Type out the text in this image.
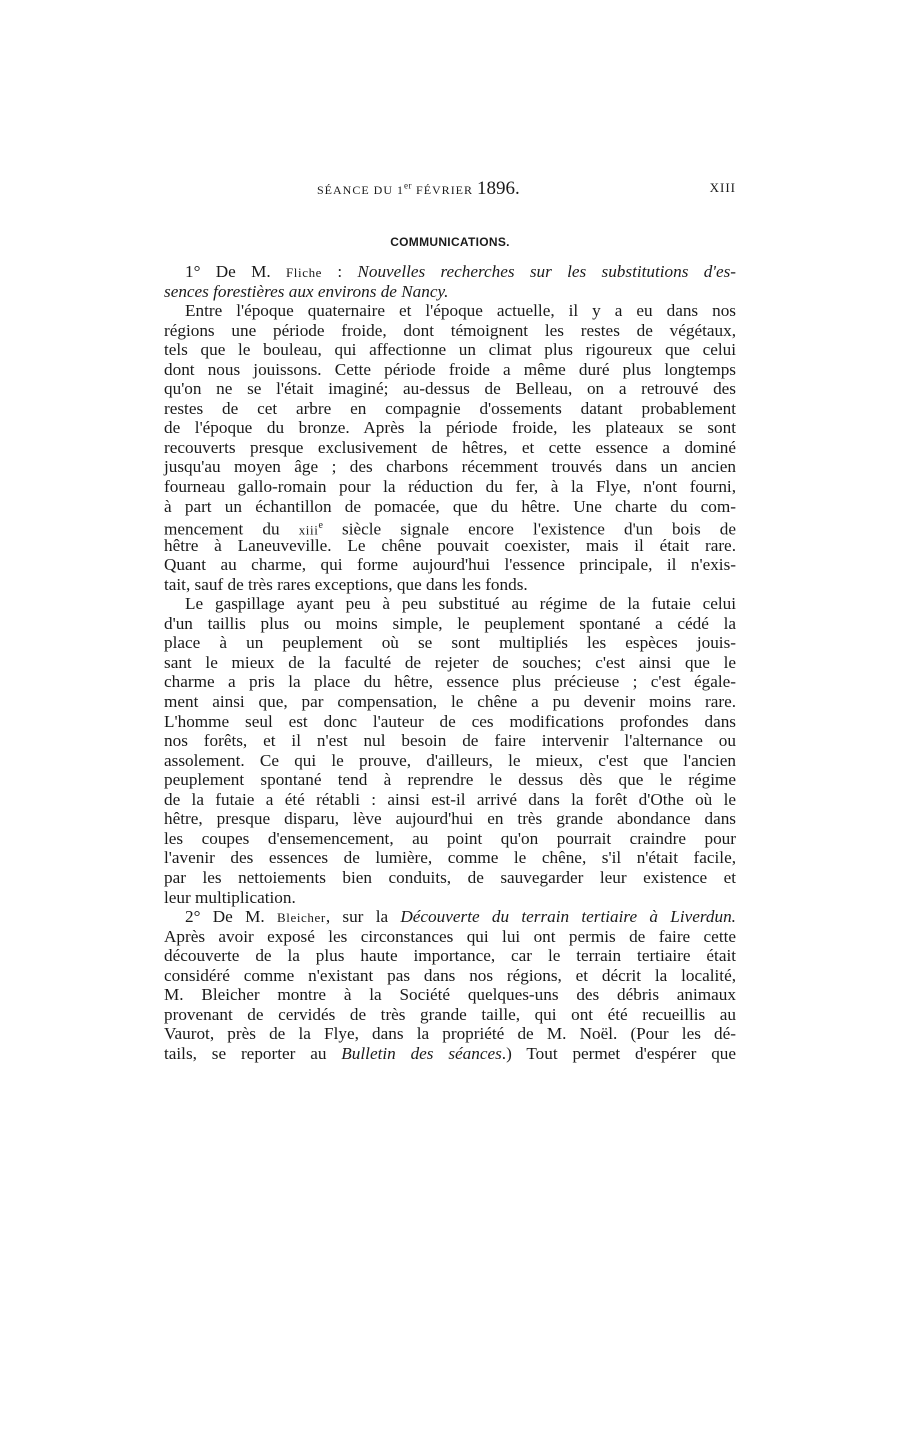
SÉANCE DU 1er FÉVRIER 1896.	XIII
COMMUNICATIONS.
1° De M. Fliche : Nouvelles recherches sur les substitutions d'es-
sences forestières aux environs de Nancy.
Entre l'époque quaternaire et l'époque actuelle, il y a eu dans nos
régions une période froide, dont témoignent les restes de végétaux,
tels que le bouleau, qui affectionne un climat plus rigoureux que celui
dont nous jouissons. Cette période froide a même duré plus longtemps
qu'on ne se l'était imaginé; au-dessus de Belleau, on a retrouvé des
restes de cet arbre en compagnie d'ossements datant probablement
de l'époque du bronze. Après la période froide, les plateaux se sont
recouverts presque exclusivement de hêtres, et cette essence a dominé
jusqu'au moyen âge ; des charbons récemment trouvés dans un ancien
fourneau gallo-romain pour la réduction du fer, à la Flye, n'ont fourni,
à part un échantillon de pomacée, que du hêtre. Une charte du com-
mencement du xiii$^e$ siècle signale encore l'existence d'un bois de
hêtre à Laneuveville. Le chêne pouvait coexister, mais il était rare.
Quant au charme, qui forme aujourd'hui l'essence principale, il n'exis-
tait, sauf de très rares exceptions, que dans les fonds.
Le gaspillage ayant peu à peu substitué au régime de la futaie celui
d'un taillis plus ou moins simple, le peuplement spontané a cédé la
place à un peuplement où se sont multipliés les espèces jouis-
sant le mieux de la faculté de rejeter de souches; c'est ainsi que le
charme a pris la place du hêtre, essence plus précieuse ; c'est égale-
ment ainsi que, par compensation, le chêne a pu devenir moins rare.
L'homme seul est donc l'auteur de ces modifications profondes dans
nos forêts, et il n'est nul besoin de faire intervenir l'alternance ou
assolement. Ce qui le prouve, d'ailleurs, le mieux, c'est que l'ancien
peuplement spontané tend à reprendre le dessus dès que le régime
de la futaie a été rétabli : ainsi est-il arrivé dans la forêt d'Othe où le
hêtre, presque disparu, lève aujourd'hui en très grande abondance dans
les coupes d'ensemencement, au point qu'on pourrait craindre pour
l'avenir des essences de lumière, comme le chêne, s'il n'était facile,
par les nettoiements bien conduits, de sauvegarder leur existence et
leur multiplication.
2° De M. Bleicher, sur la Découverte du terrain tertiaire à Liverdun.
Après avoir exposé les circonstances qui lui ont permis de faire cette
découverte de la plus haute importance, car le terrain tertiaire était
considéré comme n'existant pas dans nos régions, et décrit la localité,
M. Bleicher montre à la Société quelques-uns des débris animaux
provenant de cervidés de très grande taille, qui ont été recueillis au
Vaurot, près de la Flye, dans la propriété de M. Noël. (Pour les dé-
tails, se reporter au Bulletin des séances.) Tout permet d'espérer que
